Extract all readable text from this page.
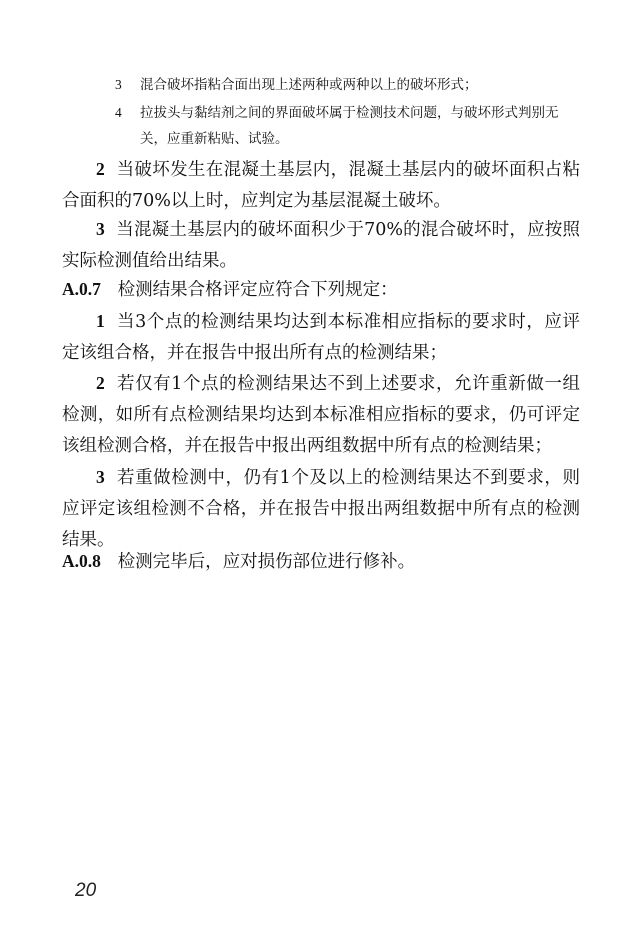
3	混合破坏指粘合面出现上述两种或两种以上的破坏形式；
4	拉拔头与黏结剂之间的界面破坏属于检测技术问题，与破坏形式判别无关，应重新粘贴、试验。
2 当破坏发生在混凝土基层内，混凝土基层内的破坏面积占粘合面积的70%以上时，应判定为基层混凝土破坏。
3 当混凝土基层内的破坏面积少于70%的混合破坏时，应按照实际检测值给出结果。
A.0.7 检测结果合格评定应符合下列规定：
1 当3个点的检测结果均达到本标准相应指标的要求时，应评定该组合格，并在报告中报出所有点的检测结果；
2 若仅有1个点的检测结果达不到上述要求，允许重新做一组检测，如所有点检测结果均达到本标准相应指标的要求，仍可评定该组检测合格，并在报告中报出两组数据中所有点的检测结果；
3 若重做检测中，仍有1个及以上的检测结果达不到要求，则应评定该组检测不合格，并在报告中报出两组数据中所有点的检测结果。
A.0.8 检测完毕后，应对损伤部位进行修补。
20
